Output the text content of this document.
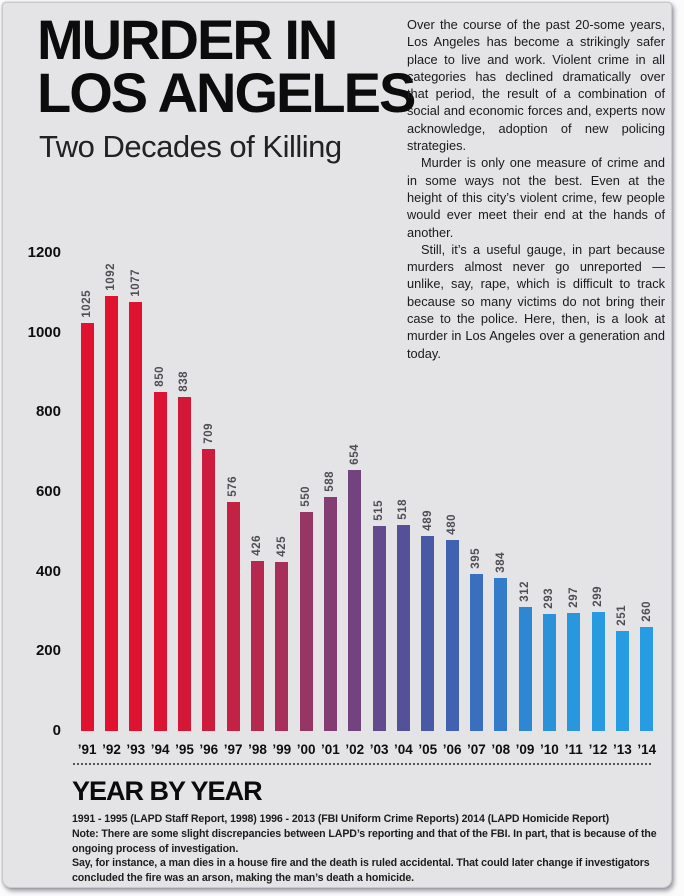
MURDER IN
LOS ANGELES
Two Decades of Killing

Over the course of the past 20-some years, Los Angeles has become a strikingly safer place to live and work. Violent crime in all categories has declined dramatically over that period, the result of a combination of social and economic forces and, experts now acknowledge, adoption of new policing strategies.

Murder is only one measure of crime and in some ways not the best. Even at the height of this city’s violent crime, few people would ever meet their end at the hands of another.

Still, it’s a useful gauge, in part because murders almost never go unreported — unlike, say, rape, which is difficult to track because so many victims do not bring their case to the police. Here, then, is a look at murder in Los Angeles over a generation and today.

0
200
400
600
800
1000
1200
1025
’91
1092
’92
1077
’93
850
’94
838
’95
709
’96
576
’97
426
’98
425
’99
550
’00
588
’01
654
’02
515
’03
518
’04
489
’05
480
’06
395
’07
384
’08
312
’09
293
’10
297
’11
299
’12
251
’13
260
’14
YEAR BY YEAR

1991 - 1995 (LAPD Staff Report, 1998) 1996 - 2013 (FBI Uniform Crime Reports) 2014 (LAPD Homicide Report)

Note: There are some slight discrepancies between LAPD’s reporting and that of the FBI. In part, that is because of the ongoing process of investigation.

Say, for instance, a man dies in a house fire and the death is ruled accidental. That could later change if investigators concluded the fire was an arson, making the man’s death a homicide.
